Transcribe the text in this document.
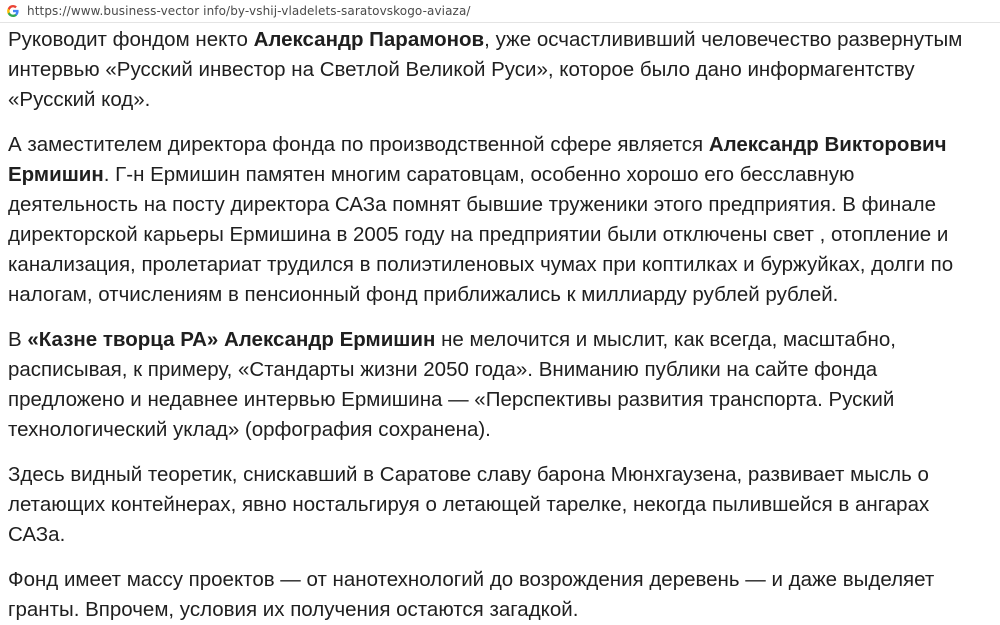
https://www.business-vector info/by-vshij-vladelets-saratovskogo-aviaza/

Руководит фондом некто Александр Парамонов, уже осчастлививший человечество развернутым интервью «Русский инвестор на Светлой Великой Руси», которое было дано информагентству «Русский код».

А заместителем директора фонда по производственной сфере является Александр Викторович Ермишин. Г-н Ермишин памятен многим саратовцам, особенно хорошо его бесславную деятельность на посту директора САЗа помнят бывшие труженики этого предприятия. В финале директорской карьеры Ермишина в 2005 году на предприятии были отключены свет , отопление и канализация, пролетариат трудился в полиэтиленовых чумах при коптилках и буржуйках, долги по налогам, отчислениям в пенсионный фонд приближались к миллиарду рублей рублей.

В «Казне творца РА» Александр Ермишин не мелочится и мыслит, как всегда, масштабно, расписывая, к примеру, «Стандарты жизни 2050 года». Вниманию публики на сайте фонда предложено и недавнее интервью Ермишина — «Перспективы развития транспорта. Руский технологический уклад» (орфография сохранена).

Здесь видный теоретик, снискавший в Саратове славу барона Мюнхгаузена, развивает мысль о летающих контейнерах, явно ностальгируя о летающей тарелке, некогда пылившейся в ангарах САЗа.

Фонд имеет массу проектов — от нанотехнологий до возрождения деревень — и даже выделяет гранты. Впрочем, условия их получения остаются загадкой.
